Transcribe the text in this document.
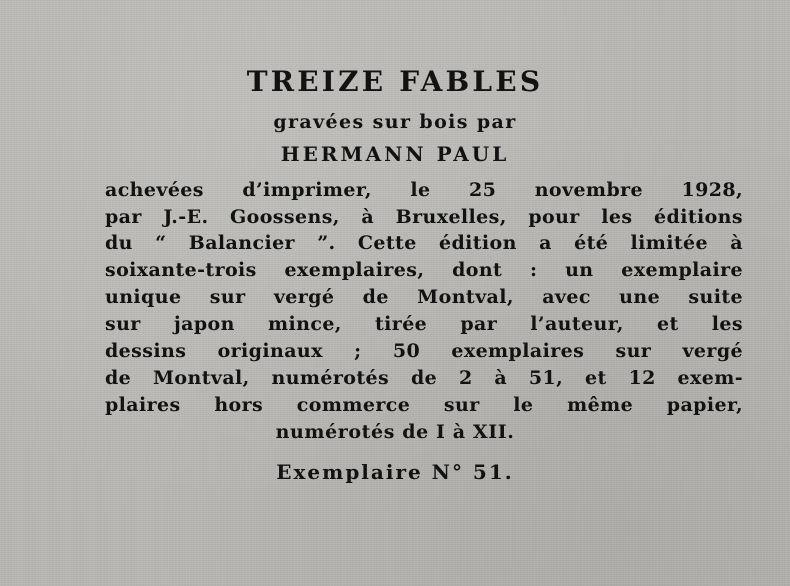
TREIZE FABLES

gravées sur bois par

HERMANN PAUL

achevées d’imprimer, le 25 novembre 1928,

par J.-E. Goossens, à Bruxelles, pour les éditions

du “ Balancier ”. Cette édition a été limitée à

soixante-trois exemplaires, dont : un exemplaire

unique sur vergé de Montval, avec une suite

sur japon mince, tirée par l’auteur, et les

dessins originaux ; 50 exemplaires sur vergé

de Montval, numérotés de 2 à 51, et 12 exem-

plaires hors commerce sur le même papier,

numérotés de I à XII.

Exemplaire N° 51.
